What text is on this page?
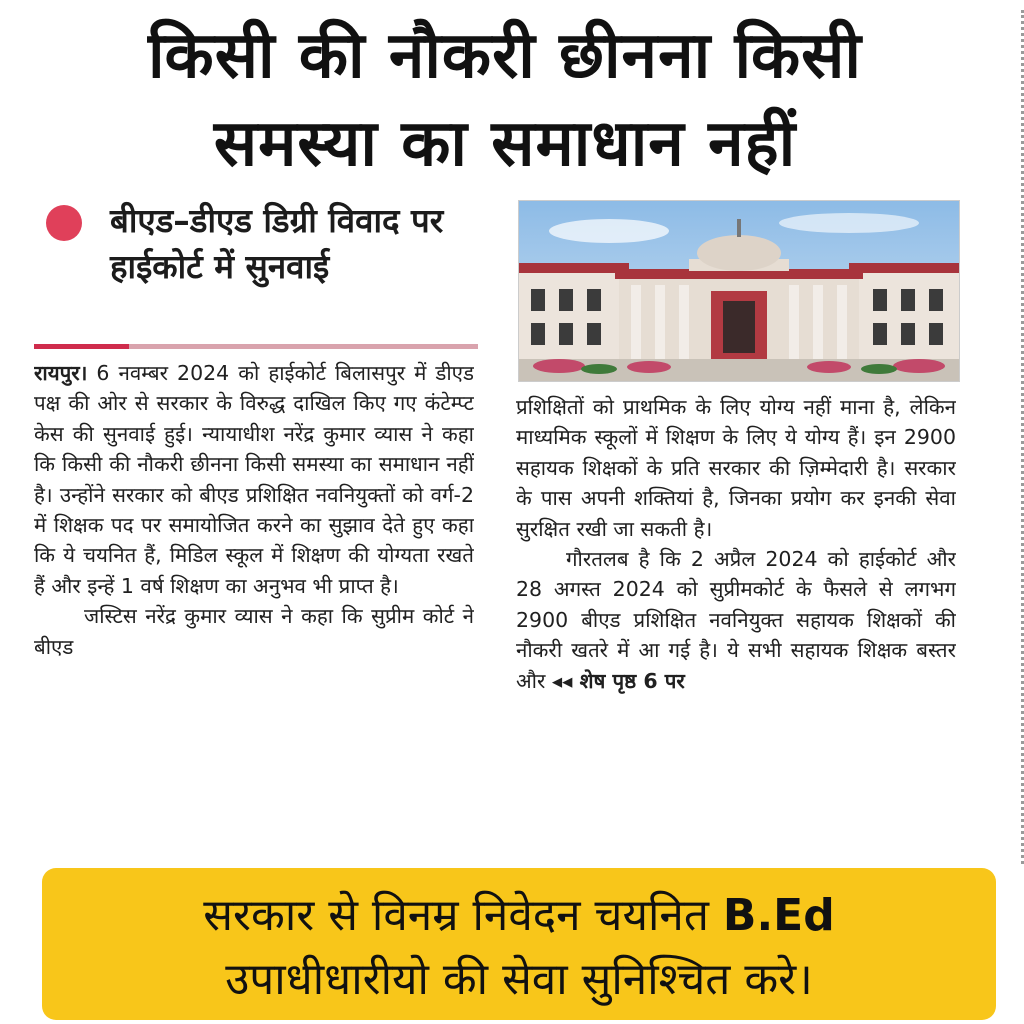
किसी की नौकरी छीनना किसी
समस्या का समाधान नहीं
बीएड–डीएड डिग्री विवाद पर हाईकोर्ट में सुनवाई

रायपुर। 6 नवम्बर 2024 को हाईकोर्ट बिलासपुर में डीएड पक्ष की ओर से सरकार के विरुद्ध दाखिल किए गए कंटेम्प्ट केस की सुनवाई हुई। न्यायाधीश नरेंद्र कुमार व्यास ने कहा कि किसी की नौकरी छीनना किसी समस्या का समाधान नहीं है। उन्होंने सरकार को बीएड प्रशिक्षित नवनियुक्तों को वर्ग-2 में शिक्षक पद पर समायोजित करने का सुझाव देते हुए कहा कि ये चयनित हैं, मिडिल स्कूल में शिक्षण की योग्यता रखते हैं और इन्हें 1 वर्ष शिक्षण का अनुभव भी प्राप्त है।

जस्टिस नरेंद्र कुमार व्यास ने कहा कि सुप्रीम कोर्ट ने बीएड

प्रशिक्षितों को प्राथमिक के लिए योग्य नहीं माना है, लेकिन माध्यमिक स्कूलों में शिक्षण के लिए ये योग्य हैं। इन 2900 सहायक शिक्षकों के प्रति सरकार की ज़िम्मेदारी है। सरकार के पास अपनी शक्तियां है, जिनका प्रयोग कर इनकी सेवा सुरक्षित रखी जा सकती है।

गौरतलब है कि 2 अप्रैल 2024 को हाईकोर्ट और 28 अगस्त 2024 को सुप्रीमकोर्ट के फैसले से लगभग 2900 बीएड प्रशिक्षित नवनियुक्त सहायक शिक्षकों की नौकरी खतरे में आ गई है। ये सभी सहायक शिक्षक बस्तर और ◂◂ शेष पृष्ठ 6 पर

सरकार से विनम्र निवेदन चयनित B.Ed
उपाधीधारीयो की सेवा सुनिश्चित करे।
